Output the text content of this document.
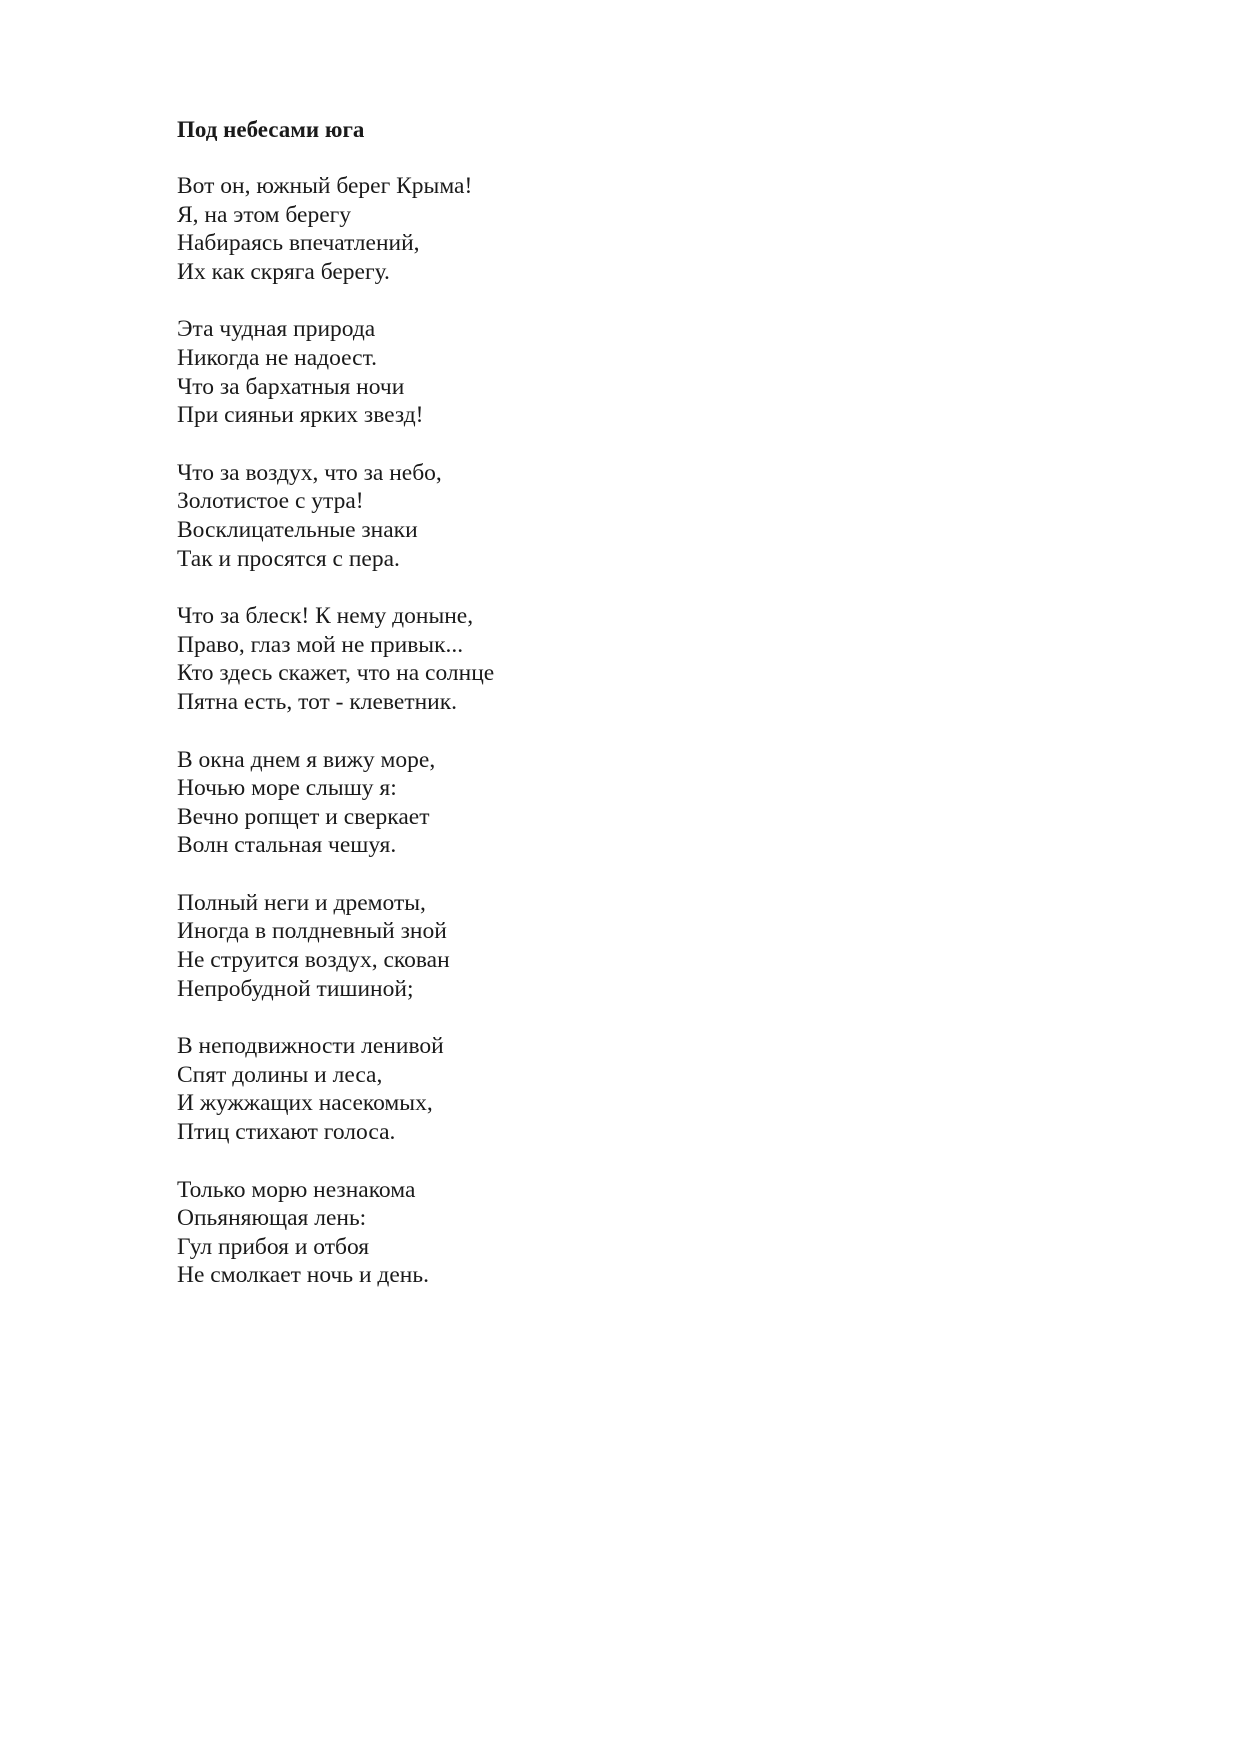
Под небесами юга
Вот он, южный берег Крыма!
Я, на этом берегу
Набираясь впечатлений,
Их как скряга берегу.
Эта чудная природа
Никогда не надоест.
Что за бархатныя ночи
При сияньи ярких звезд!
Что за воздух, что за небо,
Золотистое с утра!
Восклицательные знаки
Так и просятся с пера.
Что за блеск! К нему доныне,
Право, глаз мой не привык...
Кто здесь скажет, что на солнце
Пятна есть, тот - клеветник.
В окна днем я вижу море,
Ночью море слышу я:
Вечно ропщет и сверкает
Волн стальная чешуя.
Полный неги и дремоты,
Иногда в полдневный зной
Не струится воздух, скован
Непробудной тишиной;
В неподвижности ленивой
Спят долины и леса,
И жужжащих насекомых,
Птиц стихают голоса.
Только морю незнакома
Опьяняющая лень:
Гул прибоя и отбоя
Не смолкает ночь и день.
